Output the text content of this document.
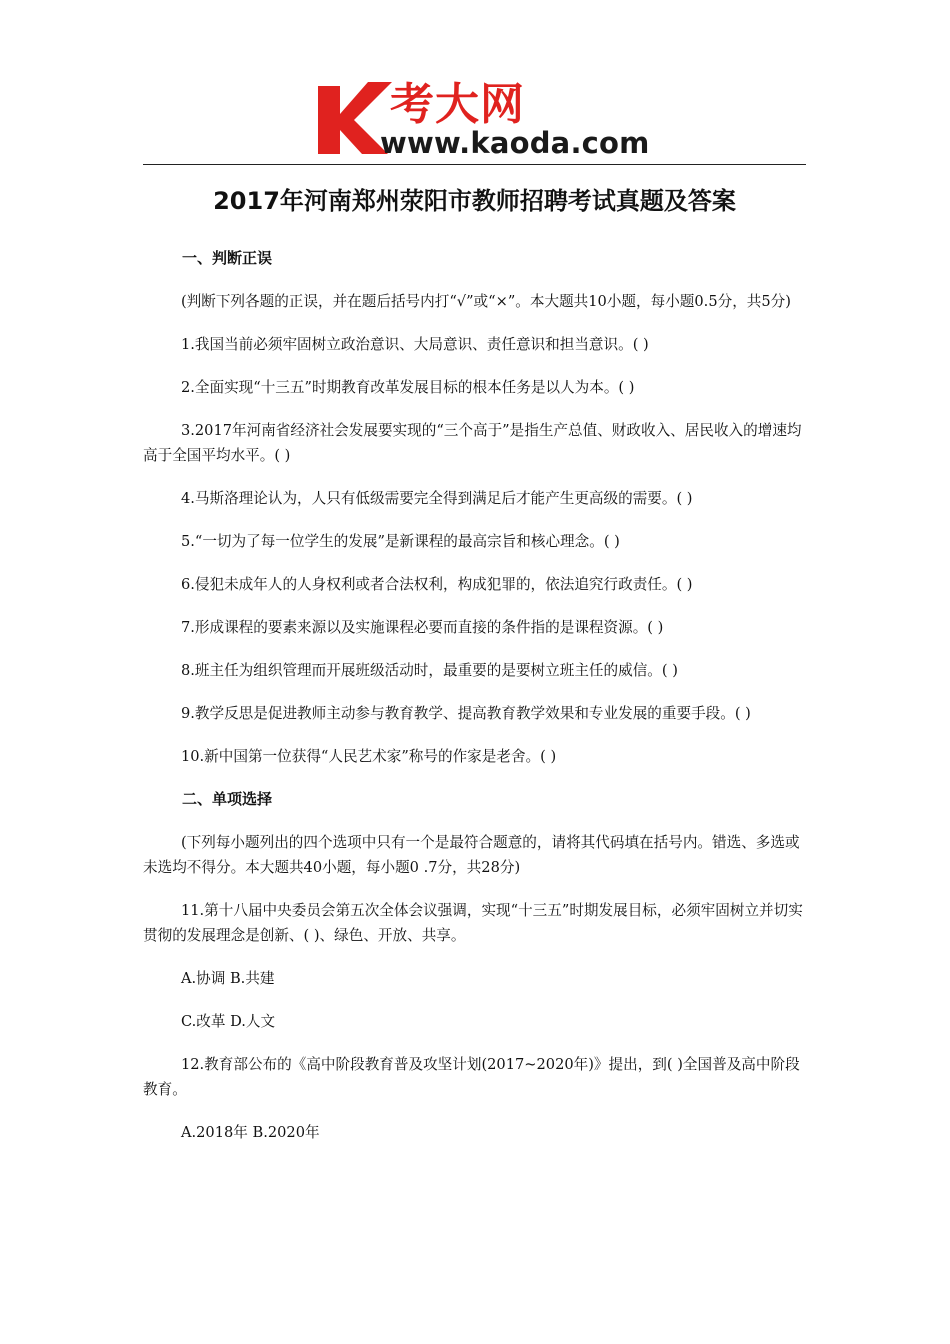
考大网
www.kaoda.com
2017年河南郑州荥阳市教师招聘考试真题及答案

一、判断正误

(判断下列各题的正误，并在题后括号内打“√”或“×”。本大题共10小题，每小题0.5分，共5分)

1.我国当前必须牢固树立政治意识、大局意识、责任意识和担当意识。( )

2.全面实现“十三五”时期教育改革发展目标的根本任务是以人为本。( )

3.2017年河南省经济社会发展要实现的“三个高于”是指生产总值、财政收入、居民收入的增速均高于全国平均水平。( )

4.马斯洛理论认为，人只有低级需要完全得到满足后才能产生更高级的需要。( )

5.“一切为了每一位学生的发展”是新课程的最高宗旨和核心理念。( )

6.侵犯未成年人的人身权利或者合法权利，构成犯罪的，依法追究行政责任。( )

7.形成课程的要素来源以及实施课程必要而直接的条件指的是课程资源。( )

8.班主任为组织管理而开展班级活动时，最重要的是要树立班主任的威信。( )

9.教学反思是促进教师主动参与教育教学、提高教育教学效果和专业发展的重要手段。( )

10.新中国第一位获得“人民艺术家”称号的作家是老舍。( )

二、单项选择

(下列每小题列出的四个选项中只有一个是最符合题意的，请将其代码填在括号内。错选、多选或未选均不得分。本大题共40小题，每小题0 .7分，共28分)

11.第十八届中央委员会第五次全体会议强调，实现“十三五”时期发展目标，必须牢固树立并切实贯彻的发展理念是创新、( )、绿色、开放、共享。

A.协调 B.共建

C.改革 D.人文

12.教育部公布的《高中阶段教育普及攻坚计划(2017~2020年)》提出，到( )全国普及高中阶段教育。

A.2018年 B.2020年
